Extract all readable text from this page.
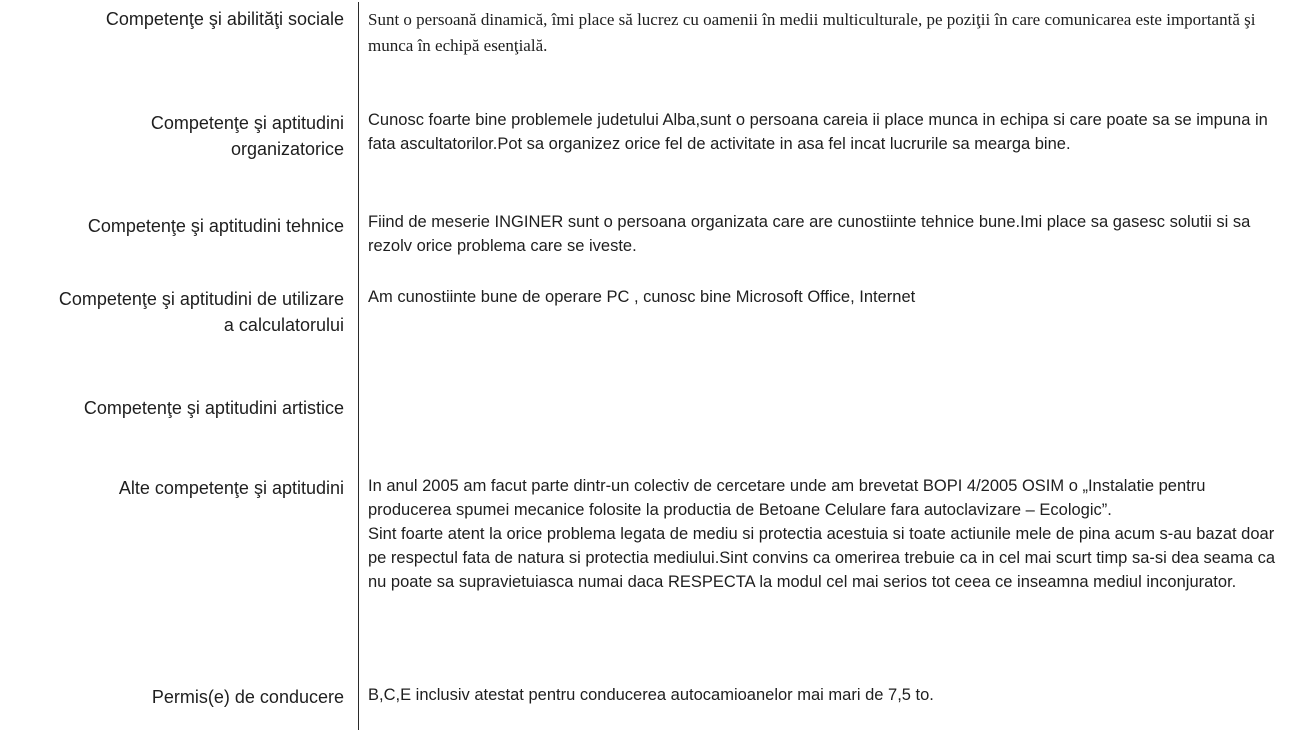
Competenţe şi abilităţi sociale Sunt o persoană dinamică, îmi place să lucrez cu oamenii în medii multiculturale, pe poziţii în care comunicarea este importantă şi munca în echipă esenţială.

Competenţe şi aptitudini
organizatorice

Cunosc foarte bine problemele judetului Alba,sunt o persoana careia ii place munca in echipa si care poate sa se impuna in fata ascultatorilor.Pot sa organizez orice fel de activitate in asa fel incat lucrurile sa mearga bine.

Competenţe şi aptitudini tehnice Fiind de meserie INGINER sunt o persoana organizata care are cunostiinte tehnice bune.Imi place sa gasesc solutii si sa rezolv orice problema care se iveste.

Competenţe şi aptitudini de utilizare
a calculatorului

Am cunostiinte bune de operare PC , cunosc bine Microsoft Office, Internet

Competenţe şi aptitudini artistice
Alte competenţe şi aptitudini In anul 2005 am facut parte dintr-un colectiv de cercetare unde am brevetat BOPI 4/2005 OSIM o „Instalatie pentru producerea spumei mecanice folosite la productia de Betoane Celulare fara autoclavizare – Ecologic”.

Sint foarte atent la orice problema legata de mediu si protectia acestuia si toate actiunile mele de pina acum s-au bazat doar pe respectul fata de natura si protectia mediului.Sint convins ca omerirea trebuie ca in cel mai scurt timp sa-si dea seama ca nu poate sa supravietuiasca numai daca RESPECTA la modul cel mai serios tot ceea ce inseamna mediul inconjurator.

Permis(e) de conducere B,C,E inclusiv atestat pentru conducerea autocamioanelor mai mari de 7,5 to.
